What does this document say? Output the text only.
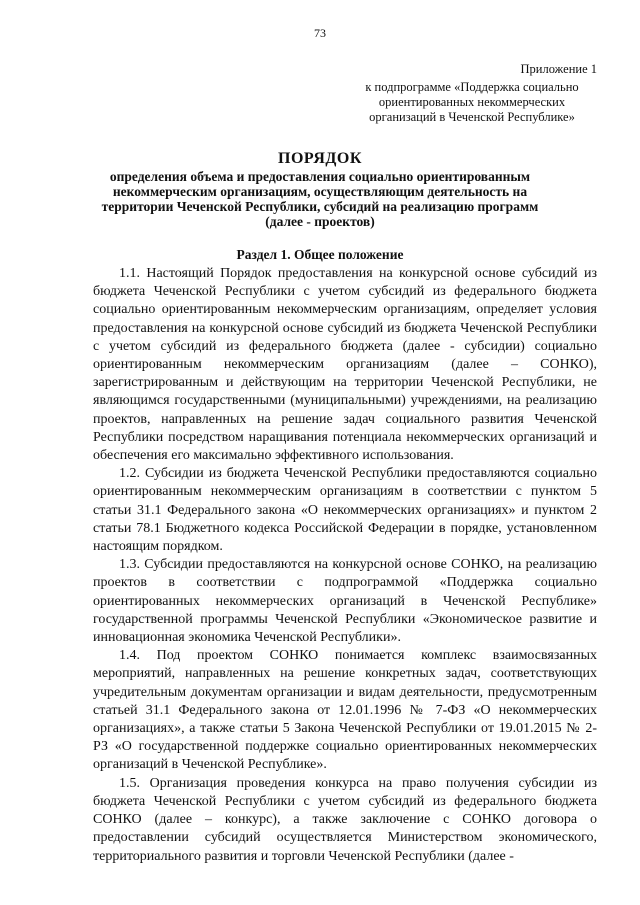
73
Приложение 1
к подпрограмме «Поддержка социально ориентированных некоммерческих организаций в Чеченской Республике»
ПОРЯДОК
определения объема и предоставления социально ориентированным некоммерческим организациям, осуществляющим деятельность на территории Чеченской Республики, субсидий на реализацию программ (далее - проектов)
Раздел 1. Общее положение

1.1. Настоящий Порядок предоставления на конкурсной основе субсидий из бюджета Чеченской Республики с учетом субсидий из федерального бюджета социально ориентированным некоммерческим организациям, определяет условия предоставления на конкурсной основе субсидий из бюджета Чеченской Республики с учетом субсидий из федерального бюджета (далее - субсидии) социально ориентированным некоммерческим организациям (далее – СОНКО), зарегистрированным и действующим на территории Чеченской Республики, не являющимся государственными (муниципальными) учреждениями, на реализацию проектов, направленных на решение задач социального развития Чеченской Республики посредством наращивания потенциала некоммерческих организаций и обеспечения его максимально эффективного использования.

1.2. Субсидии из бюджета Чеченской Республики предоставляются социально ориентированным некоммерческим организациям в соответствии с пунктом 5 статьи 31.1 Федерального закона «О некоммерческих организациях» и пунктом 2 статьи 78.1 Бюджетного кодекса Российской Федерации в порядке, установленном настоящим порядком.

1.3. Субсидии предоставляются на конкурсной основе СОНКО, на реализацию проектов в соответствии с подпрограммой «Поддержка социально ориентированных некоммерческих организаций в Чеченской Республике» государственной программы Чеченской Республики «Экономическое развитие и инновационная экономика Чеченской Республики».

1.4. Под проектом СОНКО понимается комплекс взаимосвязанных мероприятий, направленных на решение конкретных задач, соответствующих учредительным документам организации и видам деятельности, предусмотренным статьей 31.1 Федерального закона от 12.01.1996 № 7-ФЗ «О некоммерческих организациях», а также статьи 5 Закона Чеченской Республики от 19.01.2015 № 2-РЗ «О государственной поддержке социально ориентированных некоммерческих организаций в Чеченской Республике».

1.5. Организация проведения конкурса на право получения субсидии из бюджета Чеченской Республики с учетом субсидий из федерального бюджета СОНКО (далее – конкурс), а также заключение с СОНКО договора о предоставлении субсидий осуществляется Министерством экономического, территориального развития и торговли Чеченской Республики (далее -
